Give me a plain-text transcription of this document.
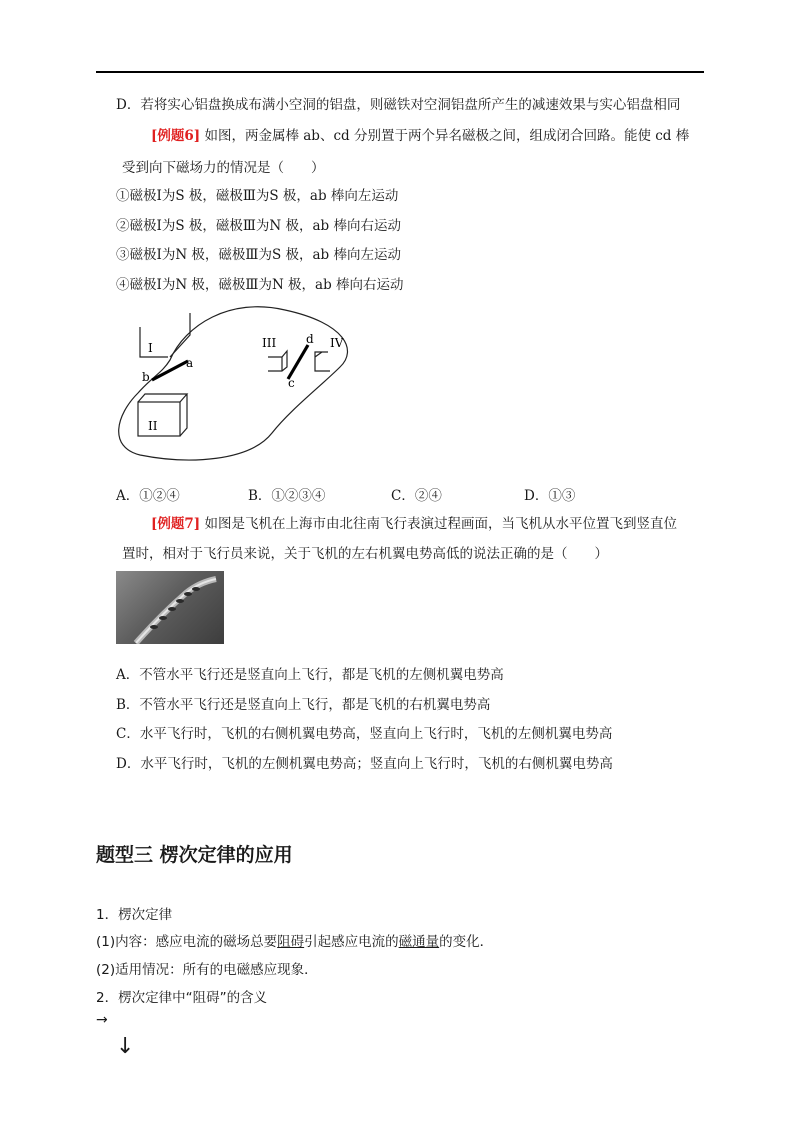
D．若将实心铝盘换成布满小空洞的铝盘，则磁铁对空洞铝盘所产生的减速效果与实心铝盘相同
[例题6] 如图，两金属棒 ab、cd 分别置于两个异名磁极之间，组成闭合回路。能使 cd 棒
受到向下磁场力的情况是（　　）
①磁极Ⅰ为S 极，磁极Ⅲ为S 极，ab 棒向左运动
②磁极Ⅰ为S 极，磁极Ⅲ为N 极，ab 棒向右运动
③磁极Ⅰ为N 极，磁极Ⅲ为S 极，ab 棒向左运动
④磁极Ⅰ为N 极，磁极Ⅲ为N 极，ab 棒向右运动
I
a
b
II
III
c
d IV
A．①②④	B．①②③④	C．②④	D．①③
[例题7] 如图是飞机在上海市由北往南飞行表演过程画面，当飞机从水平位置飞到竖直位
置时，相对于飞行员来说，关于飞机的左右机翼电势高低的说法正确的是（　　）
A．不管水平飞行还是竖直向上飞行，都是飞机的左侧机翼电势高
B．不管水平飞行还是竖直向上飞行，都是飞机的右机翼电势高
C．水平飞行时，飞机的右侧机翼电势高，竖直向上飞行时，飞机的左侧机翼电势高
D．水平飞行时，飞机的左侧机翼电势高；竖直向上飞行时，飞机的右侧机翼电势高
题型三 楞次定律的应用
1．楞次定律
(1)内容：感应电流的磁场总要阻碍引起感应电流的磁通量的变化．
(2)适用情况：所有的电磁感应现象．
2．楞次定律中“阻碍”的含义
→
↓
